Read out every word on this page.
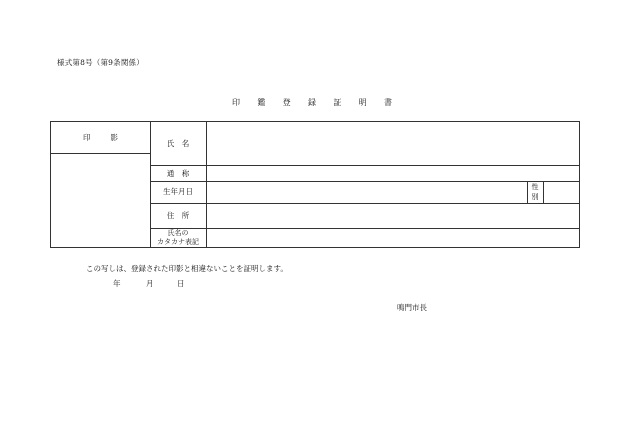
様式第8号（第9条関係）
印 鑑 登 録 証 明 書
印影
氏　名
通　称
生年月日	性
別
住　所
氏名の
カタカナ表記
この写しは、登録された印影と相違ないことを証明します。
年	月	日
鳴門市長
